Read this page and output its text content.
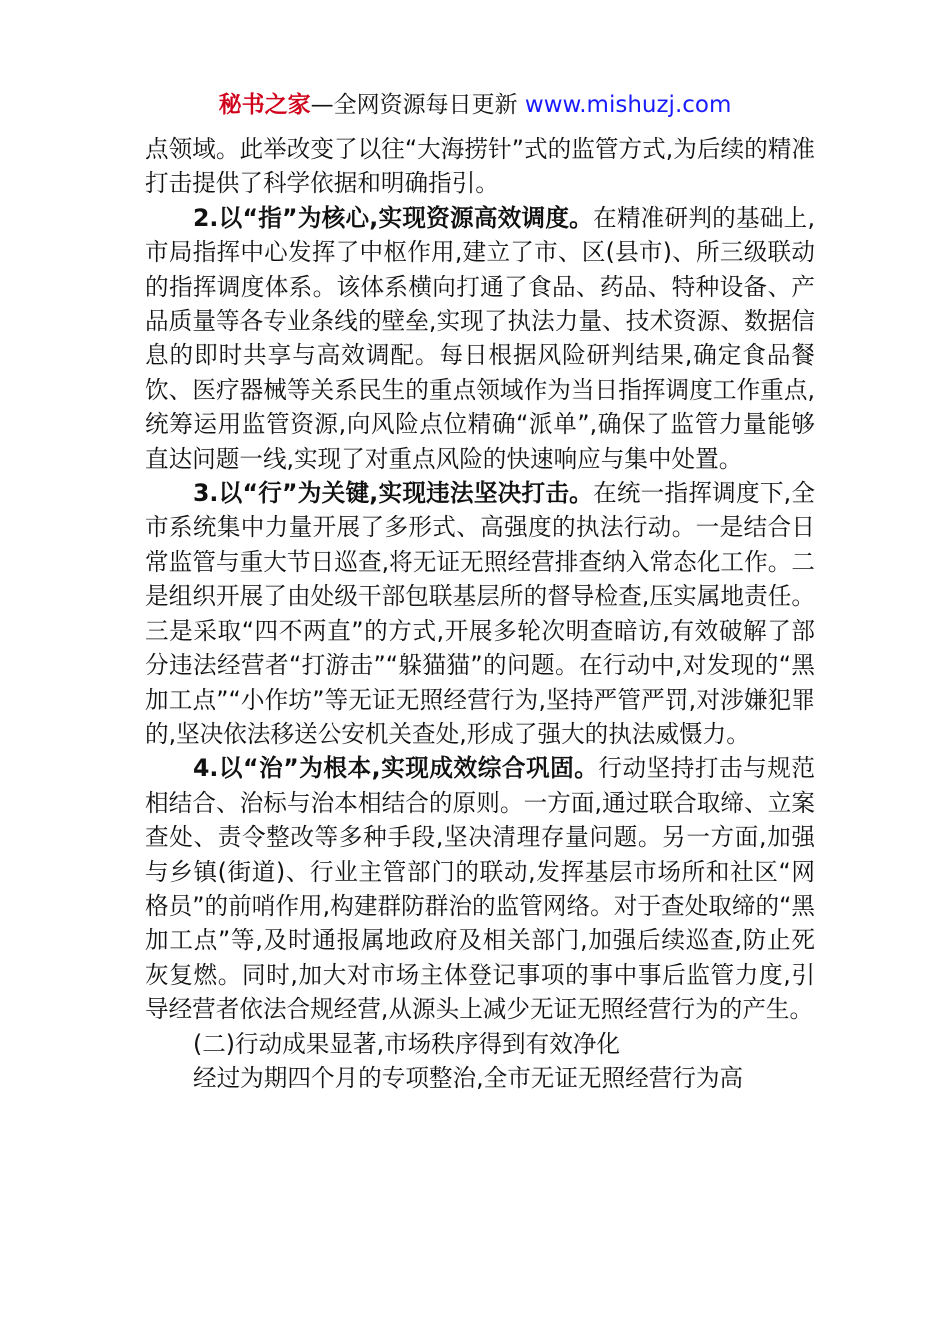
秘书之家—全网资源每日更新 www.mishuzj.com

点领域。此举改变了以往“大海捞针”式的监管方式,为后续的精准打击提供了科学依据和明确指引。

2.以“指”为核心,实现资源高效调度。在精准研判的基础上,市局指挥中心发挥了中枢作用,建立了市、区(县市)、所三级联动的指挥调度体系。该体系横向打通了食品、药品、特种设备、产品质量等各专业条线的壁垒,实现了执法力量、技术资源、数据信息的即时共享与高效调配。每日根据风险研判结果,确定食品餐饮、医疗器械等关系民生的重点领域作为当日指挥调度工作重点,统筹运用监管资源,向风险点位精确“派单”,确保了监管力量能够直达问题一线,实现了对重点风险的快速响应与集中处置。

3.以“行”为关键,实现违法坚决打击。在统一指挥调度下,全市系统集中力量开展了多形式、高强度的执法行动。一是结合日常监管与重大节日巡查,将无证无照经营排查纳入常态化工作。二是组织开展了由处级干部包联基层所的督导检查,压实属地责任。三是采取“四不两直”的方式,开展多轮次明查暗访,有效破解了部分违法经营者“打游击”“躲猫猫”的问题。在行动中,对发现的“黑加工点”“小作坊”等无证无照经营行为,坚持严管严罚,对涉嫌犯罪的,坚决依法移送公安机关查处,形成了强大的执法威慑力。

4.以“治”为根本,实现成效综合巩固。行动坚持打击与规范相结合、治标与治本相结合的原则。一方面,通过联合取缔、立案查处、责令整改等多种手段,坚决清理存量问题。另一方面,加强与乡镇(街道)、行业主管部门的联动,发挥基层市场所和社区“网格员”的前哨作用,构建群防群治的监管网络。对于查处取缔的“黑加工点”等,及时通报属地政府及相关部门,加强后续巡查,防止死灰复燃。同时,加大对市场主体登记事项的事中事后监管力度,引导经营者依法合规经营,从源头上减少无证无照经营行为的产生。

(二)行动成果显著,市场秩序得到有效净化

经过为期四个月的专项整治,全市无证无照经营行为高
